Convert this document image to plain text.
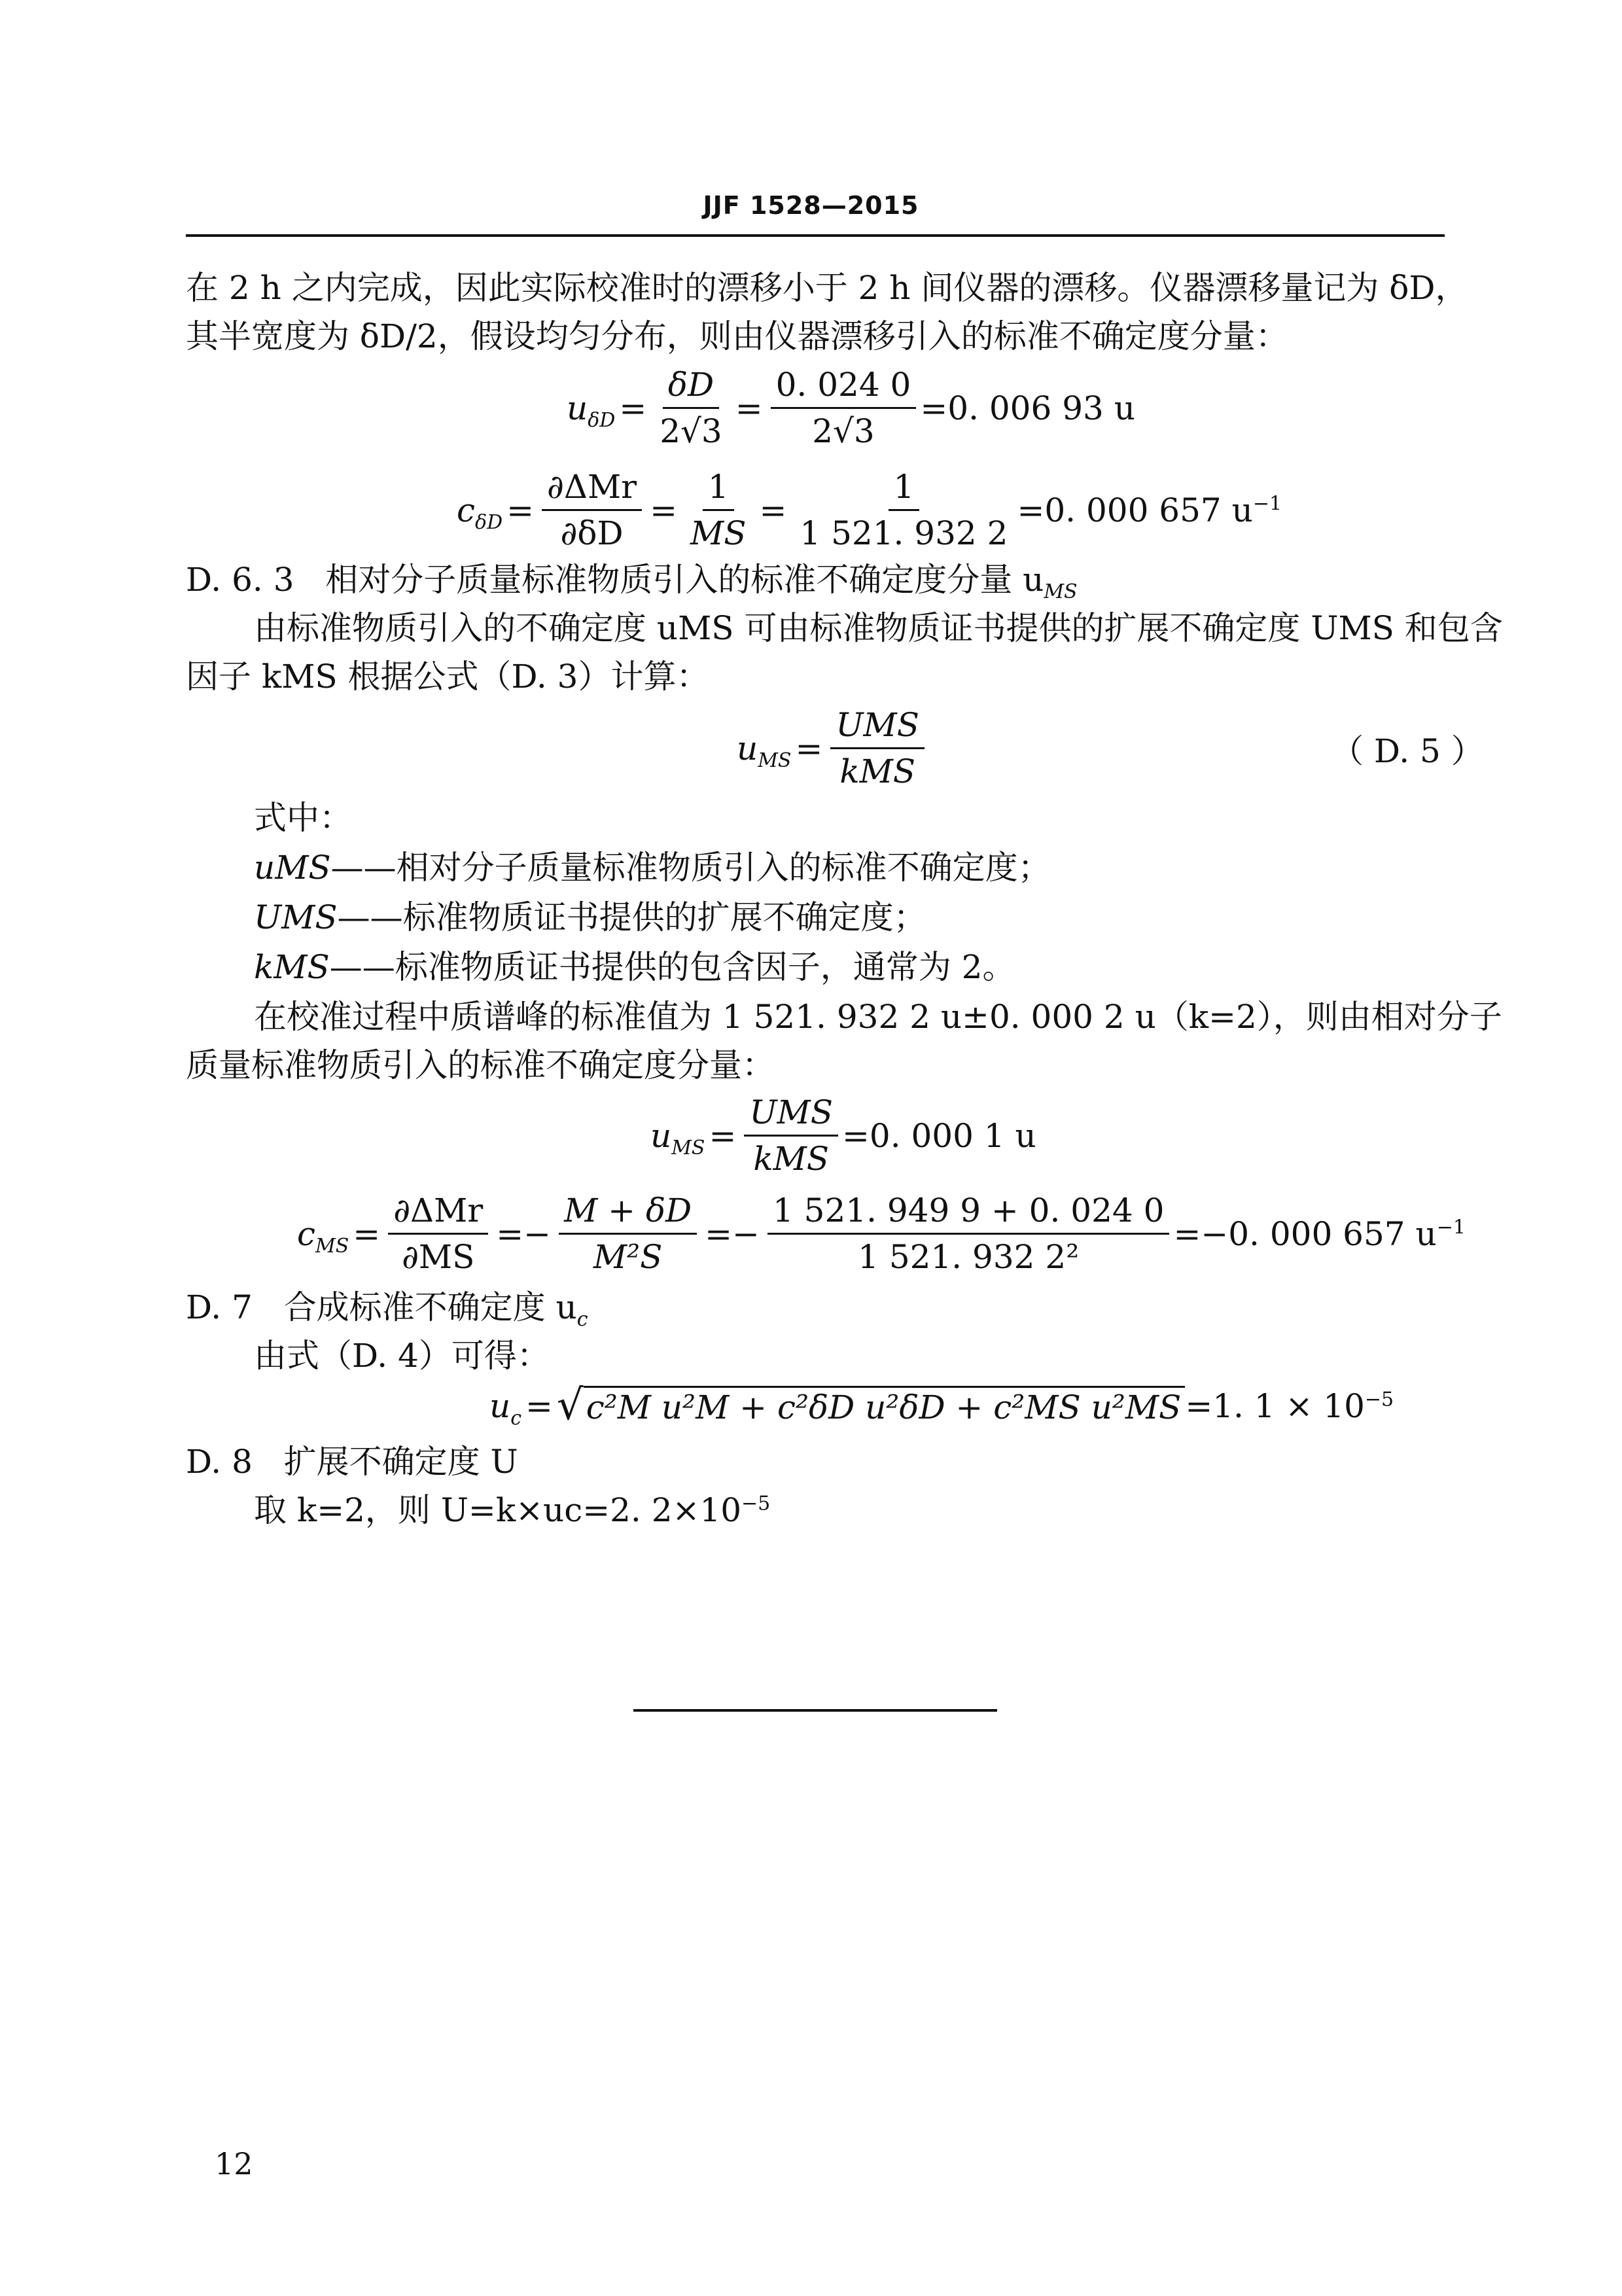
JJF 1528—2015
在 2 h 之内完成，因此实际校准时的漂移小于 2 h 间仪器的漂移。仪器漂移量记为 δD，
其半宽度为 δD/2，假设均匀分布，则由仪器漂移引入的标准不确定度分量：
$u_{\delta D} = \frac{\delta D}{2√3} = \frac{0. 024 0}{2√3} =0$. 006 93 u
$c_{\delta D} = \frac{\text{∂ΔMr}}{\partial\delta D} = \frac{1}{MS} = \frac{1}{1 521. 932 2} =0$. 000 657 $u^{-1}$
D. 6. 3 相对分子质量标准物质引入的标准不确定度分量 $u_{MS}$
由标准物质引入的不确定度 uMS 可由标准物质证书提供的扩展不确定度 UMS 和包含
因子 kMS 根据公式（D. 3）计算：
$u_{MS} = \frac{\text{UMS}}{\text{kMS}}$	（ D. 5 ）
式中：
uMS——相对分子质量标准物质引入的标准不确定度；
UMS——标准物质证书提供的扩展不确定度；
kMS——标准物质证书提供的包含因子，通常为 2。
在校准过程中质谱峰的标准值为 1 521. 932 2 u±0. 000 2 u（k=2），则由相对分子
质量标准物质引入的标准不确定度分量：
$u_{MS} = \frac{\text{UMS}}{\text{kMS}} =0$. 000 1 u
$c_{MS} = \frac{\text{∂ΔMr}}{\partial MS} =- \frac{M + \delta D}{\text{M²S}} =- \frac{1 521. 949 9 + 0. 024 0}{\text{1 521. 932 2²}} =-0$. 000 657 $u^{-1}$
D. 7 合成标准不确定度 $u_c$
由式（D. 4）可得：
$u_c$ = √ c²M u²M + c²δD u²δD + c²MS u²MS =1. $1 \times 10^{-5}$
D. 8 扩展不确定度 U
取 k=2，则 U=k×uc=2. $2\times 10^{-5}$
12
